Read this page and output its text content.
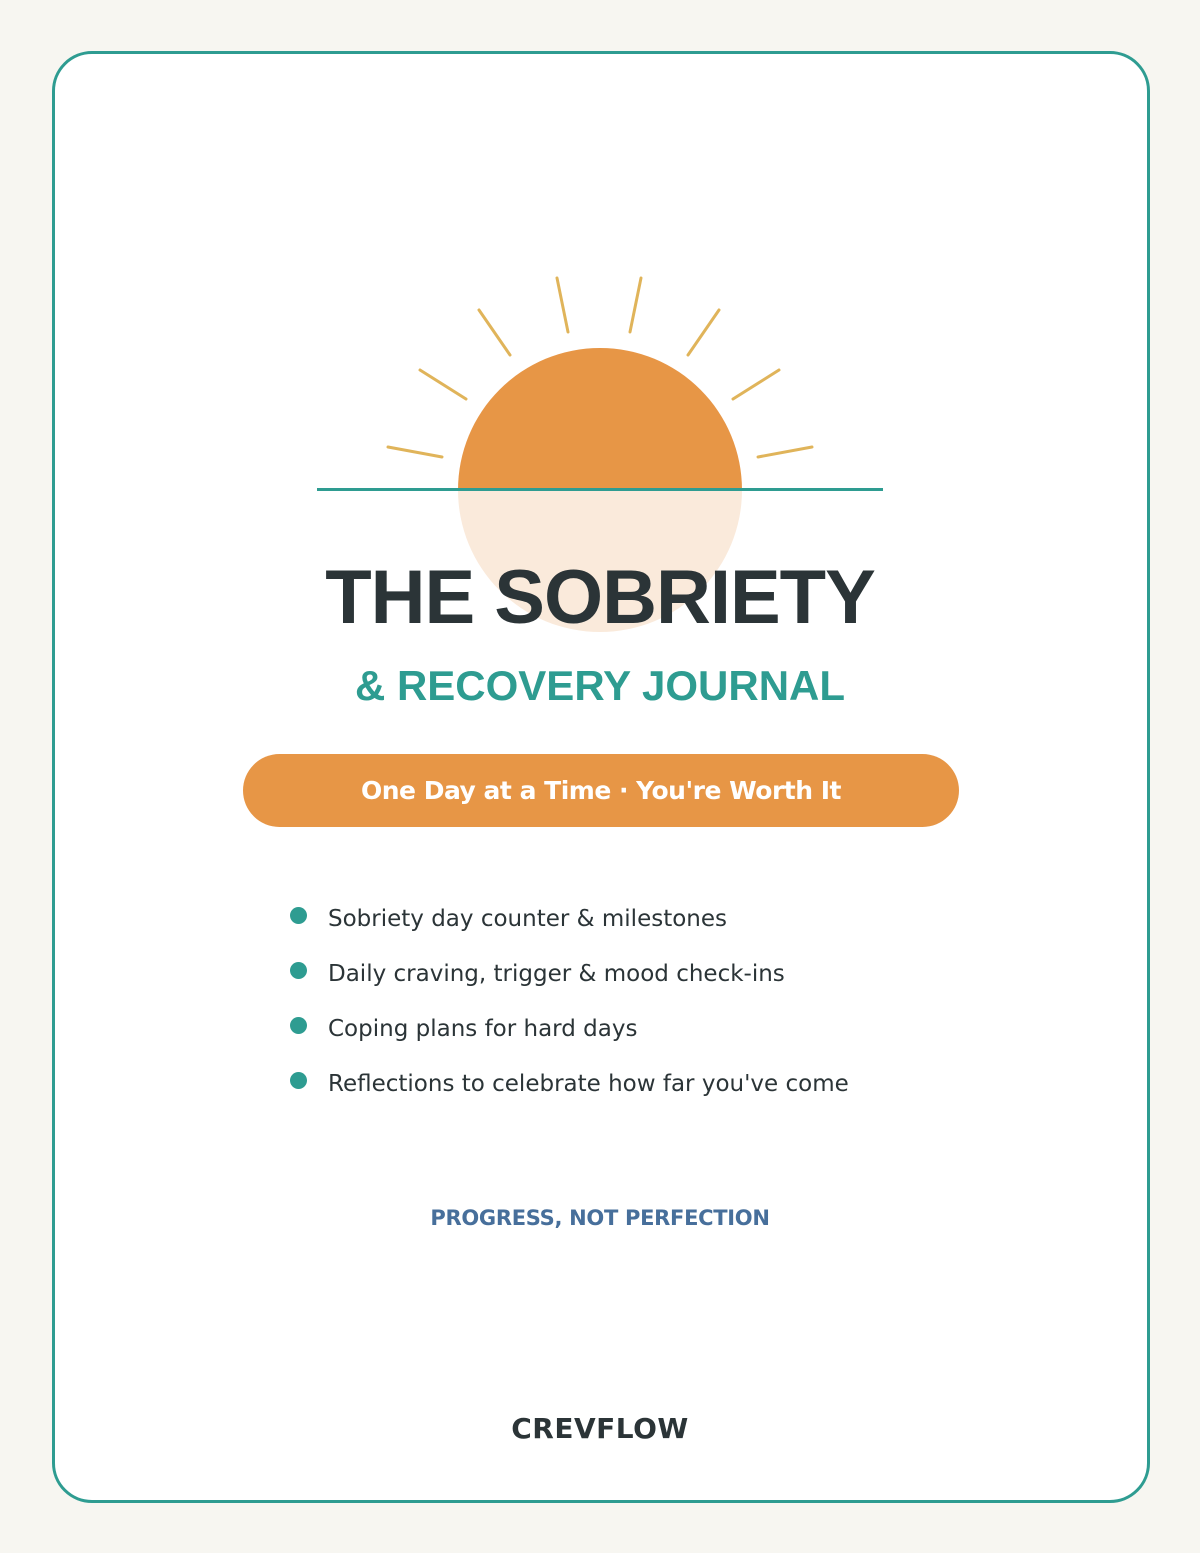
THE SOBRIETY
& RECOVERY JOURNAL
One Day at a Time · You're Worth It
Sobriety day counter & milestones
Daily craving, trigger & mood check-ins
Coping plans for hard days
Reflections to celebrate how far you've come
PROGRESS, NOT PERFECTION
CREVFLOW
